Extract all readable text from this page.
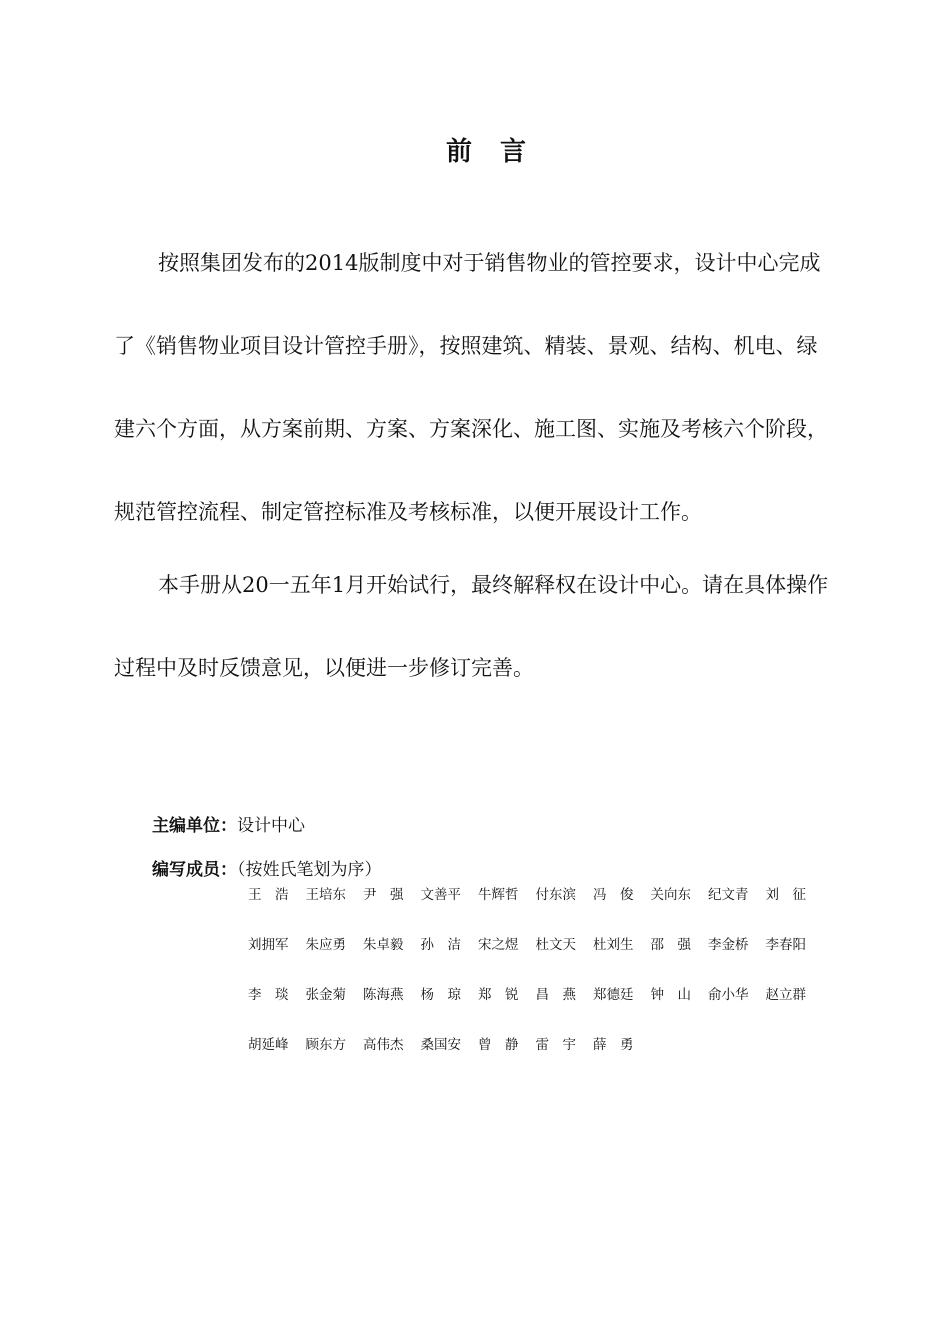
前言

按照集团发布的2014版制度中对于销售物业的管控要求，设计中心完成了《销售物业项目设计管控手册》，按照建筑、精装、景观、结构、机电、绿建六个方面，从方案前期、方案、方案深化、施工图、实施及考核六个阶段，规范管控流程、制定管控标准及考核标准，以便开展设计工作。

本手册从20一五年1月开始试行，最终解释权在设计中心。请在具体操作过程中及时反馈意见，以便进一步修订完善。

主编单位：设计中心
编写成员：（按姓氏笔划为序）
王　浩	王培东	尹　强	文善平	牛辉哲	付东滨	冯　俊	关向东	纪文青	刘　征
刘拥军	朱应勇	朱卓毅	孙　洁	宋之煜	杜文天	杜刘生	邵　强	李金桥	李春阳
李　琰	张金菊	陈海燕	杨　琼	郑　锐	昌　燕	郑德廷	钟　山	俞小华	赵立群
胡延峰	顾东方	高伟杰	桑国安	曾　静	雷　宇	薛　勇
